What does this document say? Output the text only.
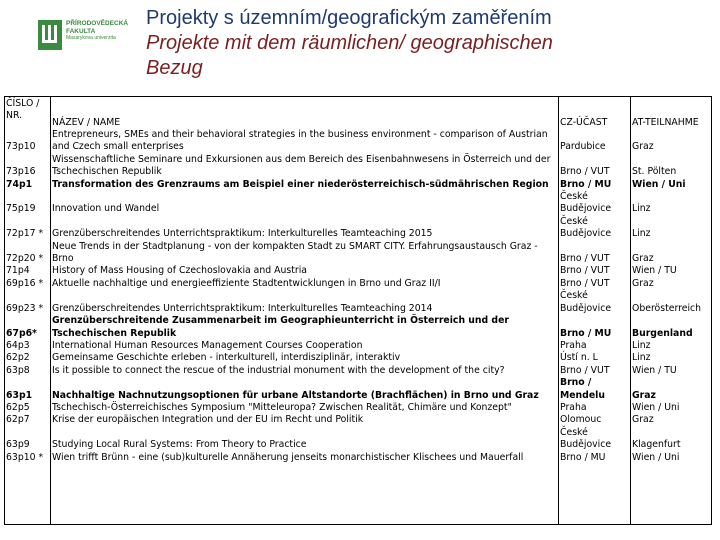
PŘÍRODOVĚDECKÁ
FAKULTA
Masarykova univerzita
Projekty s územním/geografickým zaměřením
Projekte mit dem räumlichen/ geographischen
Bezug
ČÍSLO / NR.	NÁZEV / NAME	CZ-ÚČAST	AT-TEILNAHME
73p10	Entrepreneurs, SMEs and their behavioral strategies in the business environment - comparison of Austrian and Czech small enterprises	Pardubice	Graz
73p16	Wissenschaftliche Seminare und Exkursionen aus dem Bereich des Eisenbahnwesens in Österreich und der Tschechischen Republik	Brno / VUT	St. Pölten
74p1	Transformation des Grenzraums am Beispiel einer niederösterreichisch-südmährischen Region	Brno / MU	Wien / Uni
75p19	Innovation und Wandel	České Budějovice	Linz
72p17 *	Grenzüberschreitendes Unterrichtspraktikum: Interkulturelles Teamteaching 2015	České Budějovice	Linz
72p20 *	Neue Trends in der Stadtplanung - von der kompakten Stadt zu SMART CITY. Erfahrungsaustausch Graz - Brno	Brno / VUT	Graz
71p4	History of Mass Housing of Czechoslovakia and Austria	Brno / VUT	Wien / TU
69p16 *	Aktuelle nachhaltige und energieeffiziente Stadtentwicklungen in Brno und Graz II/I	Brno / VUT	Graz
69p23 *	Grenzüberschreitendes Unterrichtspraktikum: Interkulturelles Teamteaching 2014	České Budějovice	Oberösterreich
67p6*	Grenzüberschreitende Zusammenarbeit im Geographieunterricht in Österreich und der Tschechischen Republik	Brno / MU	Burgenland
64p3	International Human Resources Management Courses Cooperation	Praha	Linz
62p2	Gemeinsame Geschichte erleben - interkulturell, interdisziplinär, interaktiv	Ústí n. L	Linz
63p8	Is it possible to connect the rescue of the industrial monument with the development of the city?	Brno / VUT	Wien / TU
63p1	Nachhaltige Nachnutzungsoptionen für urbane Altstandorte (Brachflächen) in Brno und Graz	Brno / Mendelu	Graz
62p5	Tschechisch-Österreichisches Symposium "Mitteleuropa? Zwischen Realität, Chimäre und Konzept"	Praha	Wien / Uni
62p7	Krise der europäischen Integration und der EU im Recht und Politik	Olomouc	Graz
63p9	Studying Local Rural Systems: From Theory to Practice	České Budějovice	Klagenfurt
63p10 *	Wien trifft Brünn - eine (sub)kulturelle Annäherung jenseits monarchistischer Klischees und Mauerfall	Brno / MU	Wien / Uni
